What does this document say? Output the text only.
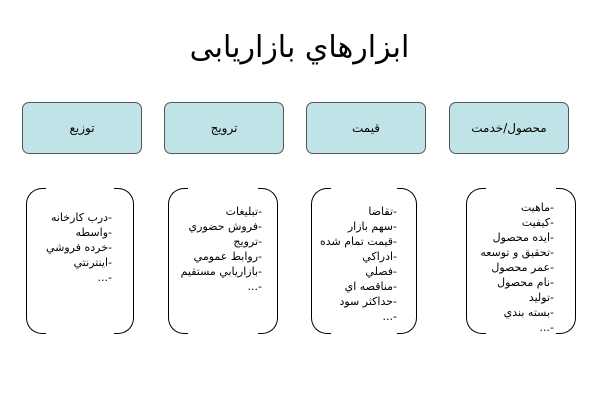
ابزارهاي بازاريابی
محصول/خدمت
قيمت
ترويج
توزيع
-ماهيت
-کيفيت
-ايده محصول
-تحقيق و توسعه
-عمر محصول
-نام محصول
-توليد
-بسته بندي
-...
-تقاضا
-سهم بازار
-قيمت تمام شده
-ادراکي
-فصلي
-مناقصه اي
-حداکثر سود
-...
-تبليغات
-فروش حضوري
-ترويج
-روابط عمومي
-بازاريابي مستقيم
-...
-درب کارخانه
-واسطه
-خرده فروشي
-اينترنتي
-...
